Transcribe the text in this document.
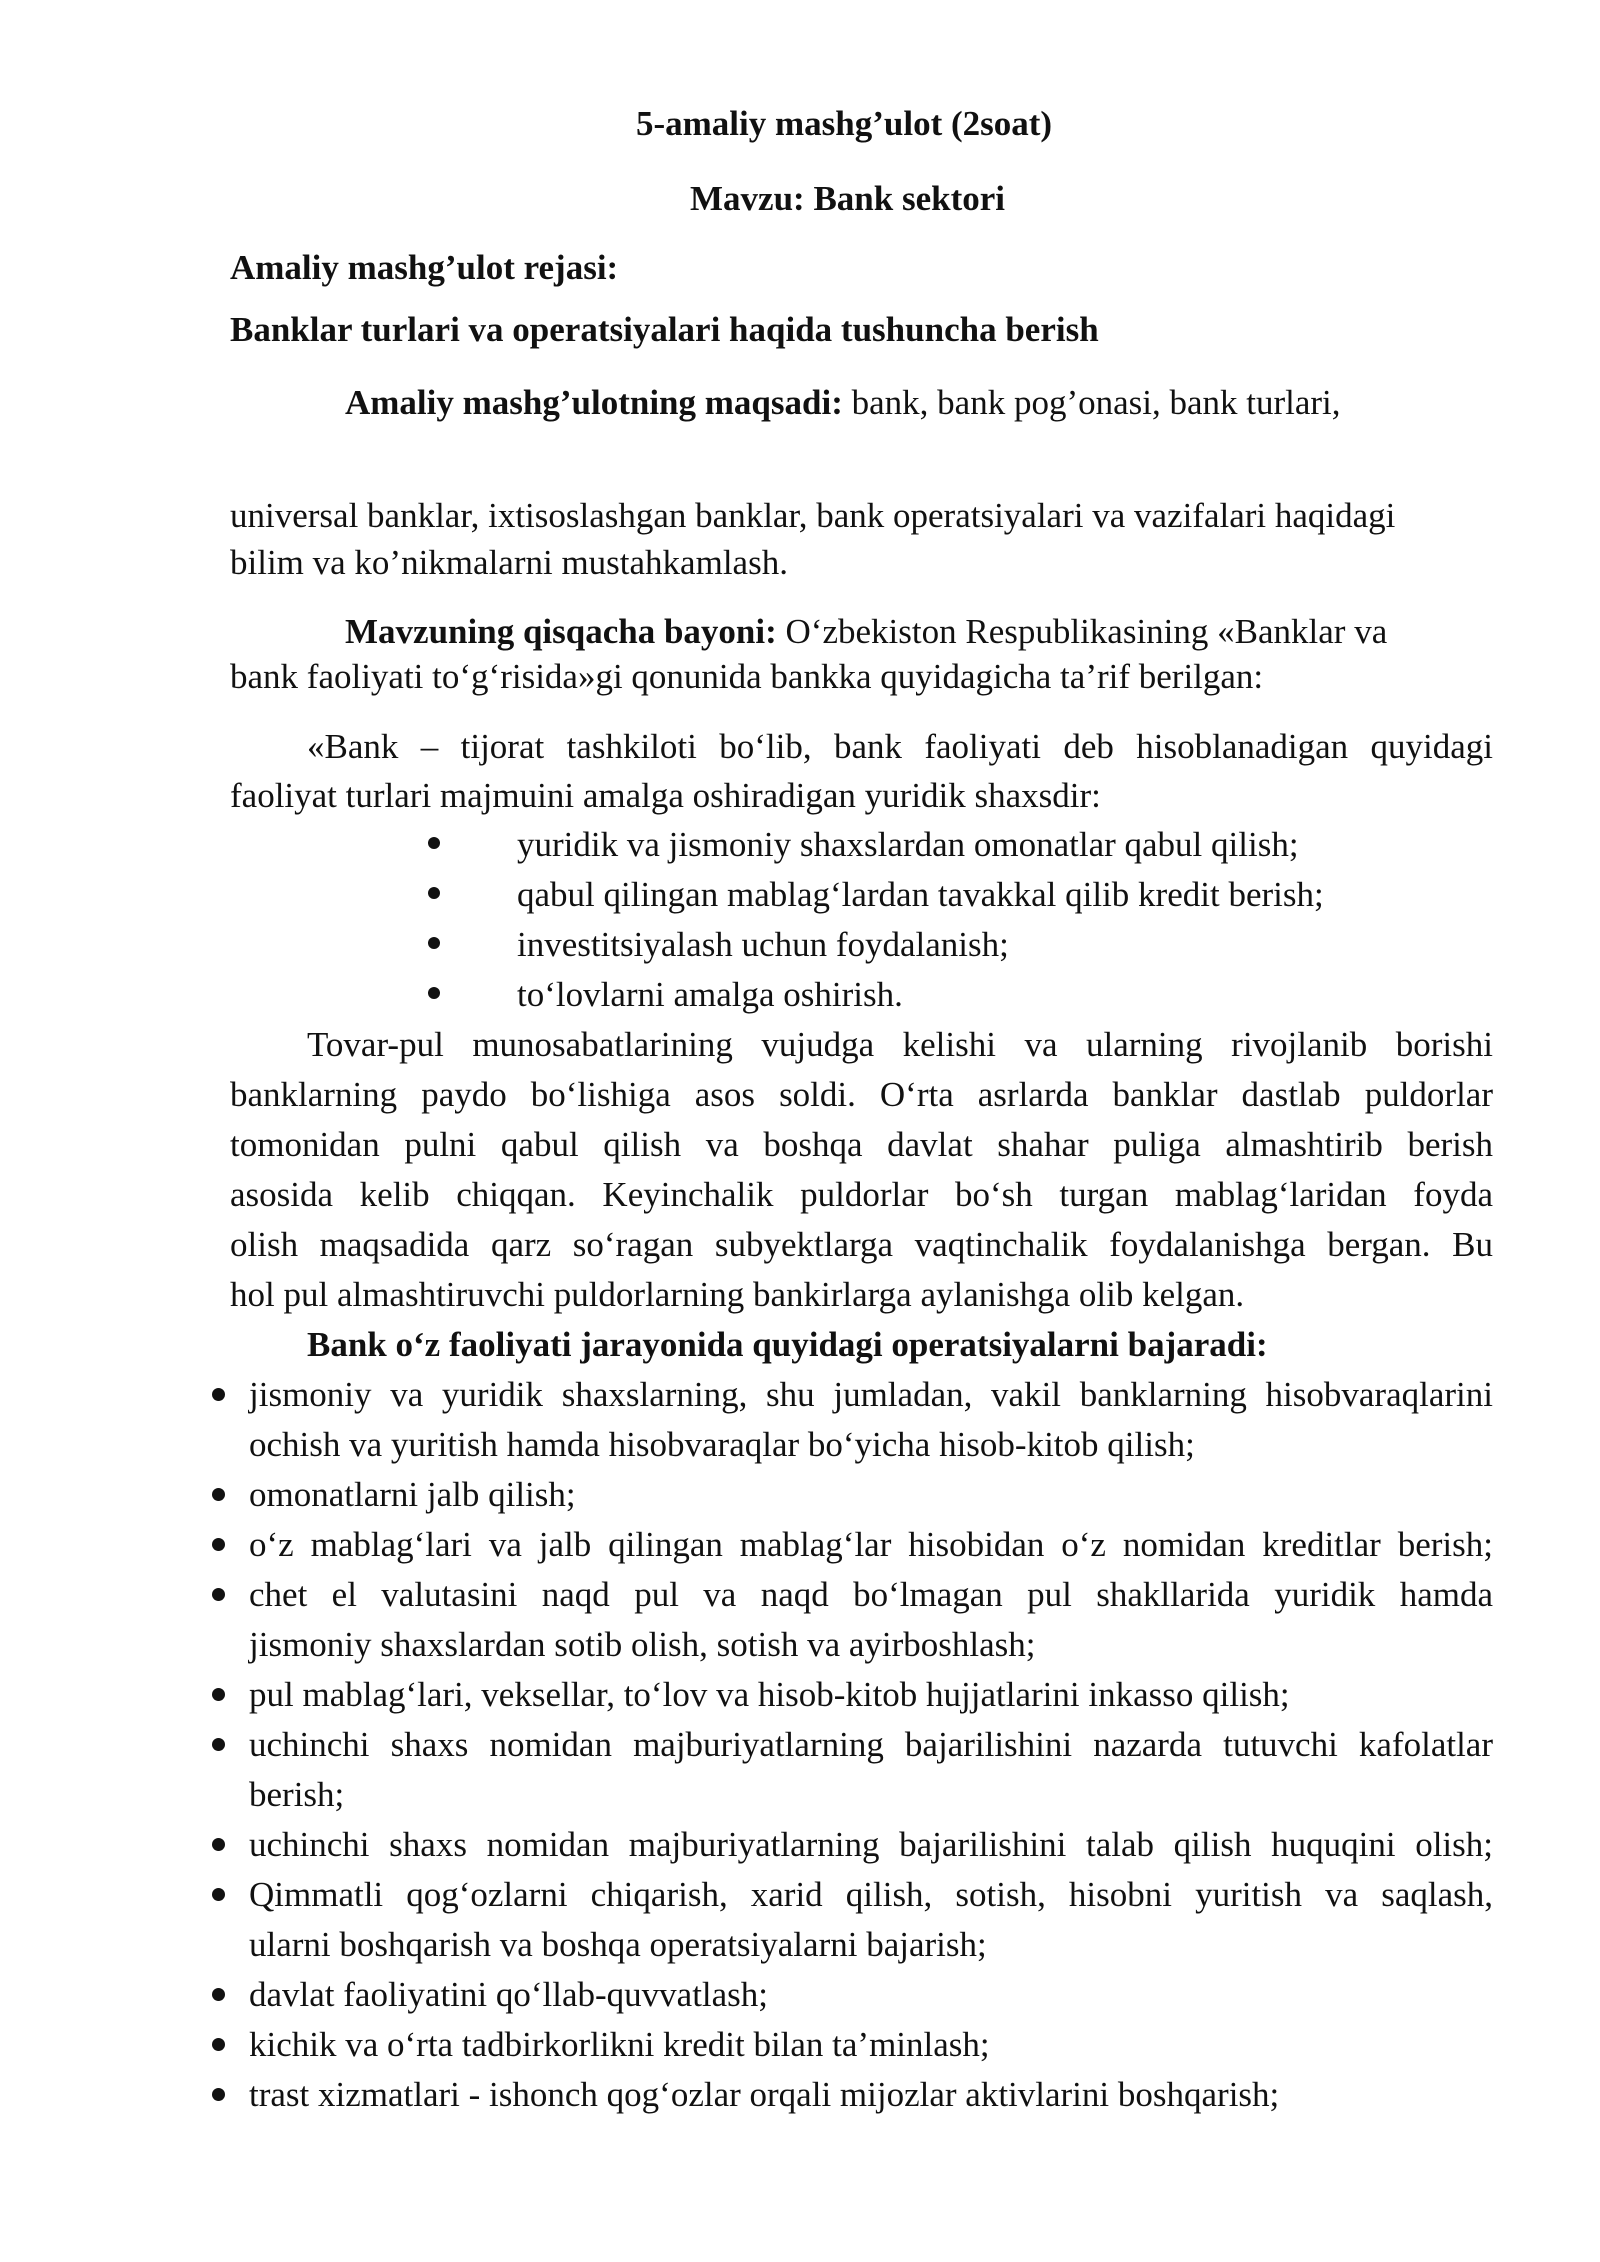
5-amaliy mashg’ulot (2soat)

Mavzu: Bank sektori

Amaliy mashg’ulot rejasi:

Banklar turlari va operatsiyalari haqida tushuncha berish

Amaliy mashg’ulotning maqsadi: bank, bank pog’onasi, bank turlari,

universal banklar, ixtisoslashgan banklar, bank operatsiyalari va vazifalari haqidagi

bilim va ko’nikmalarni mustahkamlash.

Mavzuning qisqacha bayoni: O‘zbekiston Respublikasining «Banklar va

bank faoliyati to‘g‘risida»gi qonunida bankka quyidagicha ta’rif berilgan:

«Bank – tijorat tashkiloti bo‘lib, bank faoliyati deb hisoblanadigan quyidagi

faoliyat turlari majmuini amalga oshiradigan yuridik shaxsdir:

yuridik va jismoniy shaxslardan omonatlar qabul qilish;

qabul qilingan mablag‘lardan tavakkal qilib kredit berish;

investitsiyalash uchun foydalanish;

to‘lovlarni amalga oshirish.

Tovar-pul munosabatlarining vujudga kelishi va ularning rivojlanib borishi

banklarning paydo bo‘lishiga asos soldi. O‘rta asrlarda banklar dastlab puldorlar

tomonidan pulni qabul qilish va boshqa davlat shahar puliga almashtirib berish

asosida kelib chiqqan. Keyinchalik puldorlar bo‘sh turgan mablag‘laridan foyda

olish maqsadida qarz so‘ragan subyektlarga vaqtinchalik foydalanishga bergan. Bu

hol pul almashtiruvchi puldorlarning bankirlarga aylanishga olib kelgan.

Bank o‘z faoliyati jarayonida quyidagi operatsiyalarni bajaradi:

jismoniy va yuridik shaxslarning, shu jumladan, vakil banklarning hisobvaraqlarini

ochish va yuritish hamda hisobvaraqlar bo‘yicha hisob-kitob qilish;

omonatlarni jalb qilish;

o‘z mablag‘lari va jalb qilingan mablag‘lar hisobidan o‘z nomidan kreditlar berish;

chet el valutasini naqd pul va naqd bo‘lmagan pul shakllarida yuridik hamda

jismoniy shaxslardan sotib olish, sotish va ayirboshlash;

pul mablag‘lari, veksellar, to‘lov va hisob-kitob hujjatlarini inkasso qilish;

uchinchi shaxs nomidan majburiyatlarning bajarilishini nazarda tutuvchi kafolatlar

berish;

uchinchi shaxs nomidan majburiyatlarning bajarilishini talab qilish huquqini olish;

Qimmatli qog‘ozlarni chiqarish, xarid qilish, sotish, hisobni yuritish va saqlash,

ularni boshqarish va boshqa operatsiyalarni bajarish;

davlat faoliyatini qo‘llab-quvvatlash;

kichik va o‘rta tadbirkorlikni kredit bilan ta’minlash;

trast xizmatlari - ishonch qog‘ozlar orqali mijozlar aktivlarini boshqarish;
